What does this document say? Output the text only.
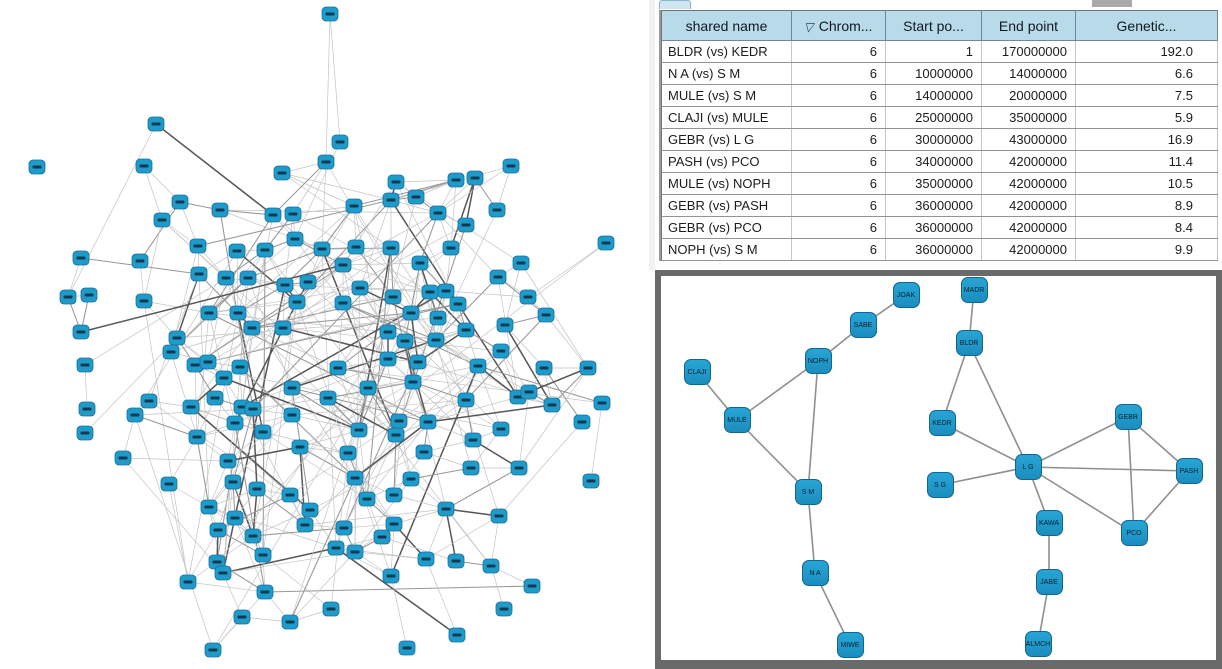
shared name	▽ Chrom...	Start po...	End point	Genetic...
BLDR (vs) KEDR	6	1	170000000	192.0
N A (vs) S M	6	10000000	14000000	6.6
MULE (vs) S M	6	14000000	20000000	7.5
CLAJI (vs) MULE	6	25000000	35000000	5.9
GEBR (vs) L G	6	30000000	43000000	16.9
PASH (vs) PCO	6	34000000	42000000	11.4
MULE (vs) NOPH	6	35000000	42000000	10.5
GEBR (vs) PASH	6	36000000	42000000	8.9
GEBR (vs) PCO	6	36000000	42000000	8.4
NOPH (vs) S M	6	36000000	42000000	9.9
CLAJI
MULE
NOPH
SABE
JOAK
MADR
BLDR
KEDR
S G
L G
GEBR
PASH
PCO
KAWA
JABE
ALMCH
S M
N A
MIWE
